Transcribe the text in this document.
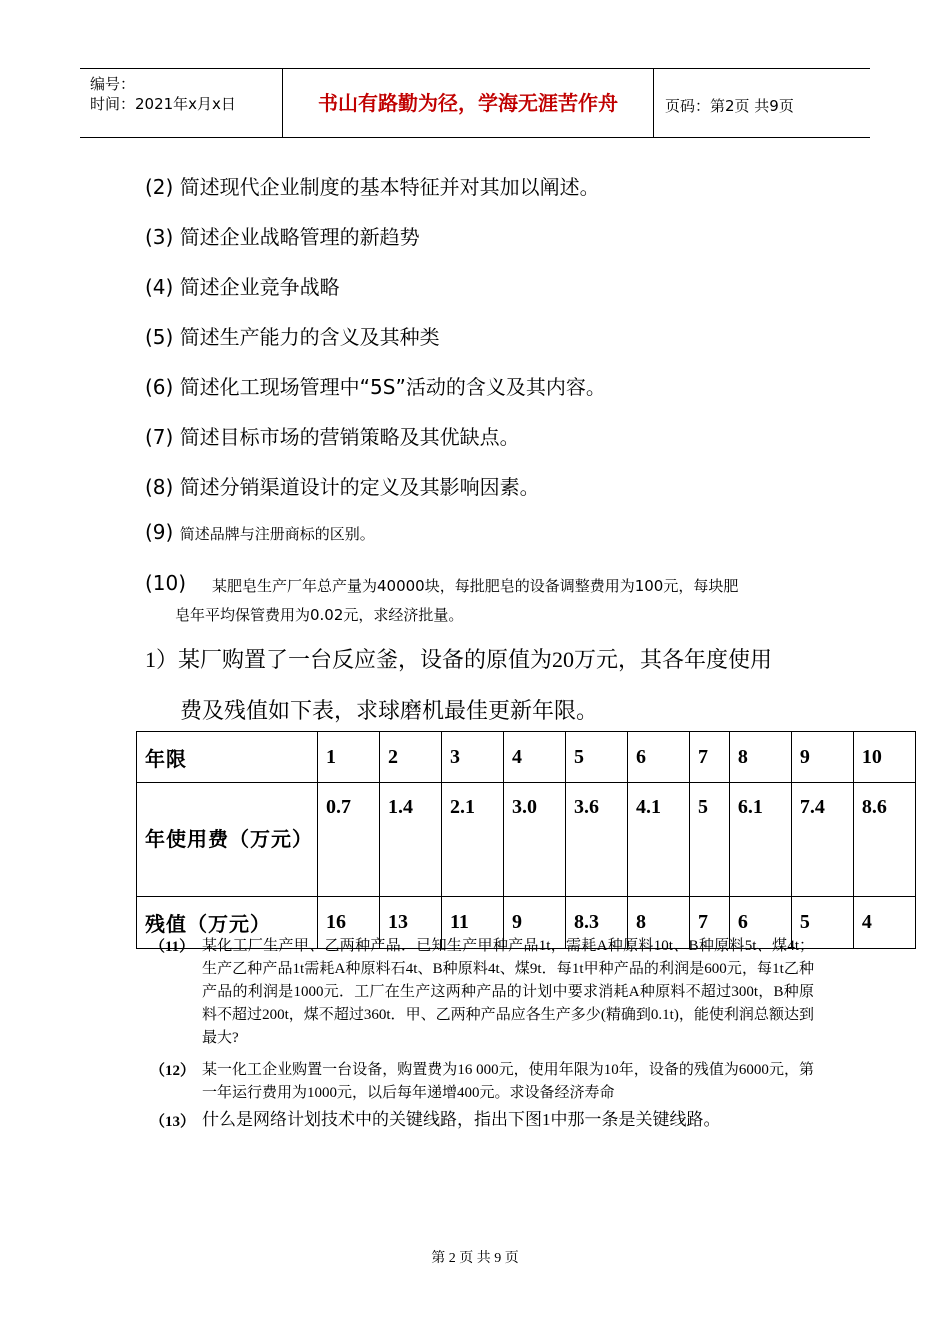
编号：
时间：2021年x月x日	书山有路勤为径，学海无涯苦作舟	页码：第2页 共9页
(2) 简述现代企业制度的基本特征并对其加以阐述。
(3) 简述企业战略管理的新趋势
(4) 简述企业竞争战略
(5) 简述生产能力的含义及其种类
(6) 简述化工现场管理中“5S”活动的含义及其内容。
(7) 简述目标市场的营销策略及其优缺点。
(8) 简述分销渠道设计的定义及其影响因素。
(9) 简述品牌与注册商标的区别。
(10) 某肥皂生产厂年总产量为40000块，每批肥皂的设备调整费用为100元，每块肥
皂年平均保管费用为0.02元，求经济批量。
1）某厂购置了一台反应釜，设备的原值为20万元，其各年度使用
费及残值如下表，求球磨机最佳更新年限。
年限	1	2	3	4	5	6	7	8	9	10
年使用费（万元）	0.7	1.4	2.1	3.0	3.6	4.1	5	6.1	7.4	8.6
残值（万元）	16	13	11	9	8.3	8	7	6	5	4
（11） 某化工厂生产甲、乙两种产品．已知生产甲种产品1t，需耗A种原料10t、B种原料5t、煤4t；生产乙种产品1t需耗A种原料石4t、B种原料4t、煤9t．每1t甲种产品的利润是600元，每1t乙种产品的利润是1000元．工厂在生产这两种产品的计划中要求消耗A种原料不超过300t，B种原料不超过200t，煤不超过360t．甲、乙两种产品应各生产多少(精确到0.1t)，能使利润总额达到最大?
（12） 某一化工企业购置一台设备，购置费为16 000元，使用年限为10年，设备的残值为6000元，第一年运行费用为1000元，以后每年递增400元。求设备经济寿命
（13） 什么是网络计划技术中的关键线路，指出下图1中那一条是关键线路。
第 2 页 共 9 页
